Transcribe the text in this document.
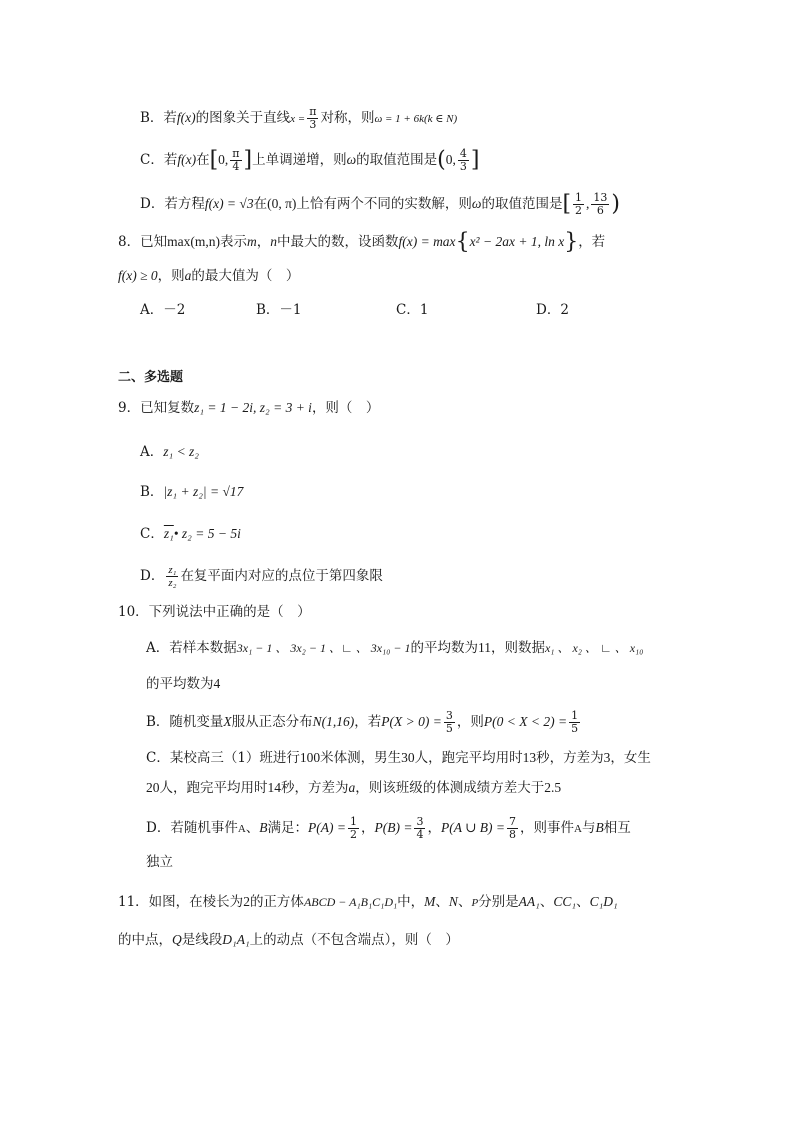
B．若f(x)的图象关于直线$x = \frac{\pi}{3}$ 对称，则ω = 1 + 6k(k ∈ N)
C．若f(x)在[0, $\frac{\pi}{4}$ ]上单调递增，则ω的取值范围是(0, $\frac{4}{3}$ ]
D．若方程f(x) = √3在(0, π)上恰有两个不同的实数解，则ω的取值范围是[ $\frac{1}{2}$ , $\frac{13}{6}$ )
8．已知max(m,n)表示m，n中最大的数，设函数f(x) = max{x² − 2ax + 1, ln x}，若
f(x) ≥ 0，则a的最大值为（　）
A．－2	B．－1	C．1	D．2
二、多选题
9．已知复数z₁ = 1 − 2i, z₂ = 3 + i，则（　）
A．z₁ < z₂
B．|z₁ + z₂| = √17
C．z₁• z₂ = 5 − 5i
D． $\frac{\text{z₁}}{\text{z₂}}$ 在复平面内对应的点位于第四象限
10．下列说法中正确的是（　）
A．若样本数据3x₁ − 1 、 3x₂ − 1 、∟ 、 3x₁₀ − 1的平均数为11，则数据x₁ 、 x₂ 、 ∟ 、 x₁₀
的平均数为4
B．随机变量X服从正态分布N(1,16)，若$P(X > 0) = \frac{3}{5}$ ，则$P(0 < X < 2) = \frac{1}{5}$
C．某校高三（1）班进行100米体测，男生30人，跑完平均用时13秒，方差为3，女生
20人，跑完平均用时14秒，方差为a，则该班级的体测成绩方差大于2.5
D．若随机事件A、B满足：$P(A) = \frac{1}{2}$ ，$P(B) = \frac{3}{4}$ ，P(A ∪ $B) = \frac{7}{8}$ ，则事件A与B相互
独立
11．如图，在棱长为2的正方体ABCD − A₁B₁C₁D₁中，M、N、P分别是AA₁、CC₁、C₁D₁
的中点，Q是线段D₁A₁上的动点（不包含端点），则（　）
